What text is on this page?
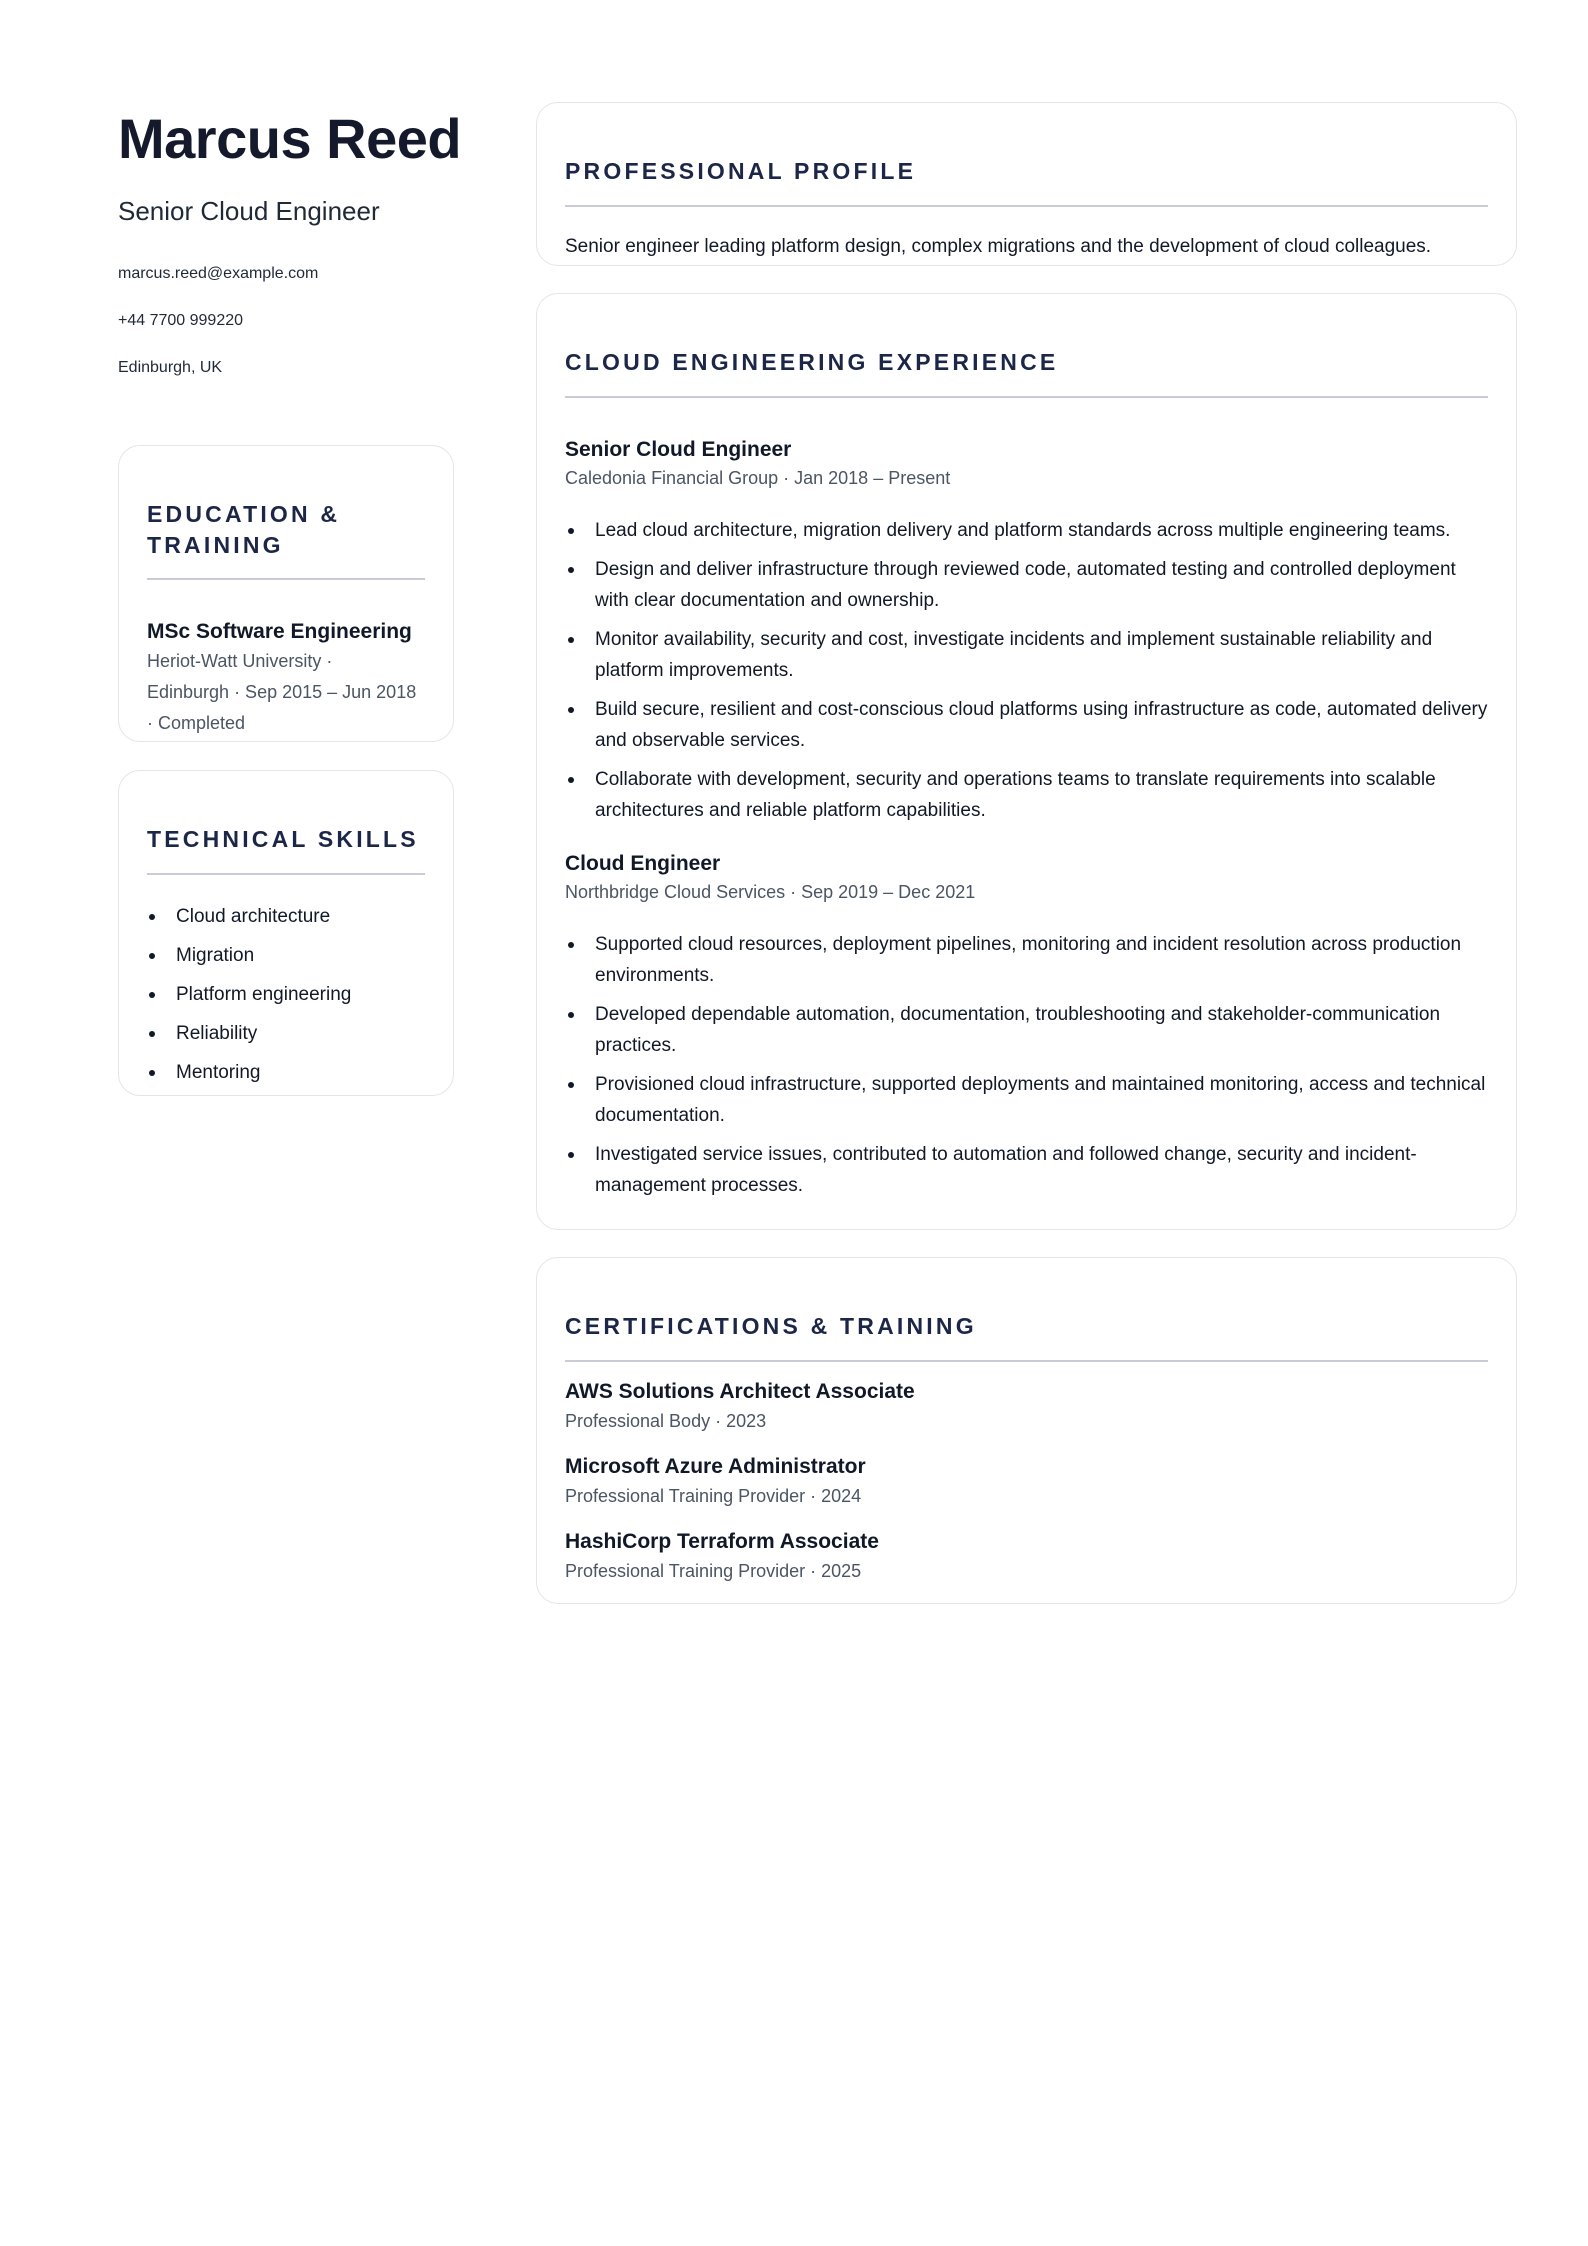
Marcus Reed
Senior Cloud Engineer
marcus.reed@example.com
+44 7700 999220
Edinburgh, UK
EDUCATION &
TRAINING
MSc Software Engineering
Heriot-Watt University ·
Edinburgh · Sep 2015 – Jun 2018
· Completed
TECHNICAL SKILLS
Cloud architecture
Migration
Platform engineering
Reliability
Mentoring
PROFESSIONAL PROFILE
Senior engineer leading platform design, complex migrations and the development of cloud colleagues.
CLOUD ENGINEERING EXPERIENCE
Senior Cloud Engineer
Caledonia Financial Group · Jan 2018 – Present
Lead cloud architecture, migration delivery and platform standards across multiple engineering teams.
Design and deliver infrastructure through reviewed code, automated testing and controlled deployment with clear documentation and ownership.
Monitor availability, security and cost, investigate incidents and implement sustainable reliability and platform improvements.
Build secure, resilient and cost-conscious cloud platforms using infrastructure as code, automated delivery and observable services.
Collaborate with development, security and operations teams to translate requirements into scalable architectures and reliable platform capabilities.
Cloud Engineer
Northbridge Cloud Services · Sep 2019 – Dec 2021
Supported cloud resources, deployment pipelines, monitoring and incident resolution across production environments.
Developed dependable automation, documentation, troubleshooting and stakeholder-communication practices.
Provisioned cloud infrastructure, supported deployments and maintained monitoring, access and technical documentation.
Investigated service issues, contributed to automation and followed change, security and incident-management processes.
CERTIFICATIONS & TRAINING
AWS Solutions Architect Associate
Professional Body · 2023
Microsoft Azure Administrator
Professional Training Provider · 2024
HashiCorp Terraform Associate
Professional Training Provider · 2025
